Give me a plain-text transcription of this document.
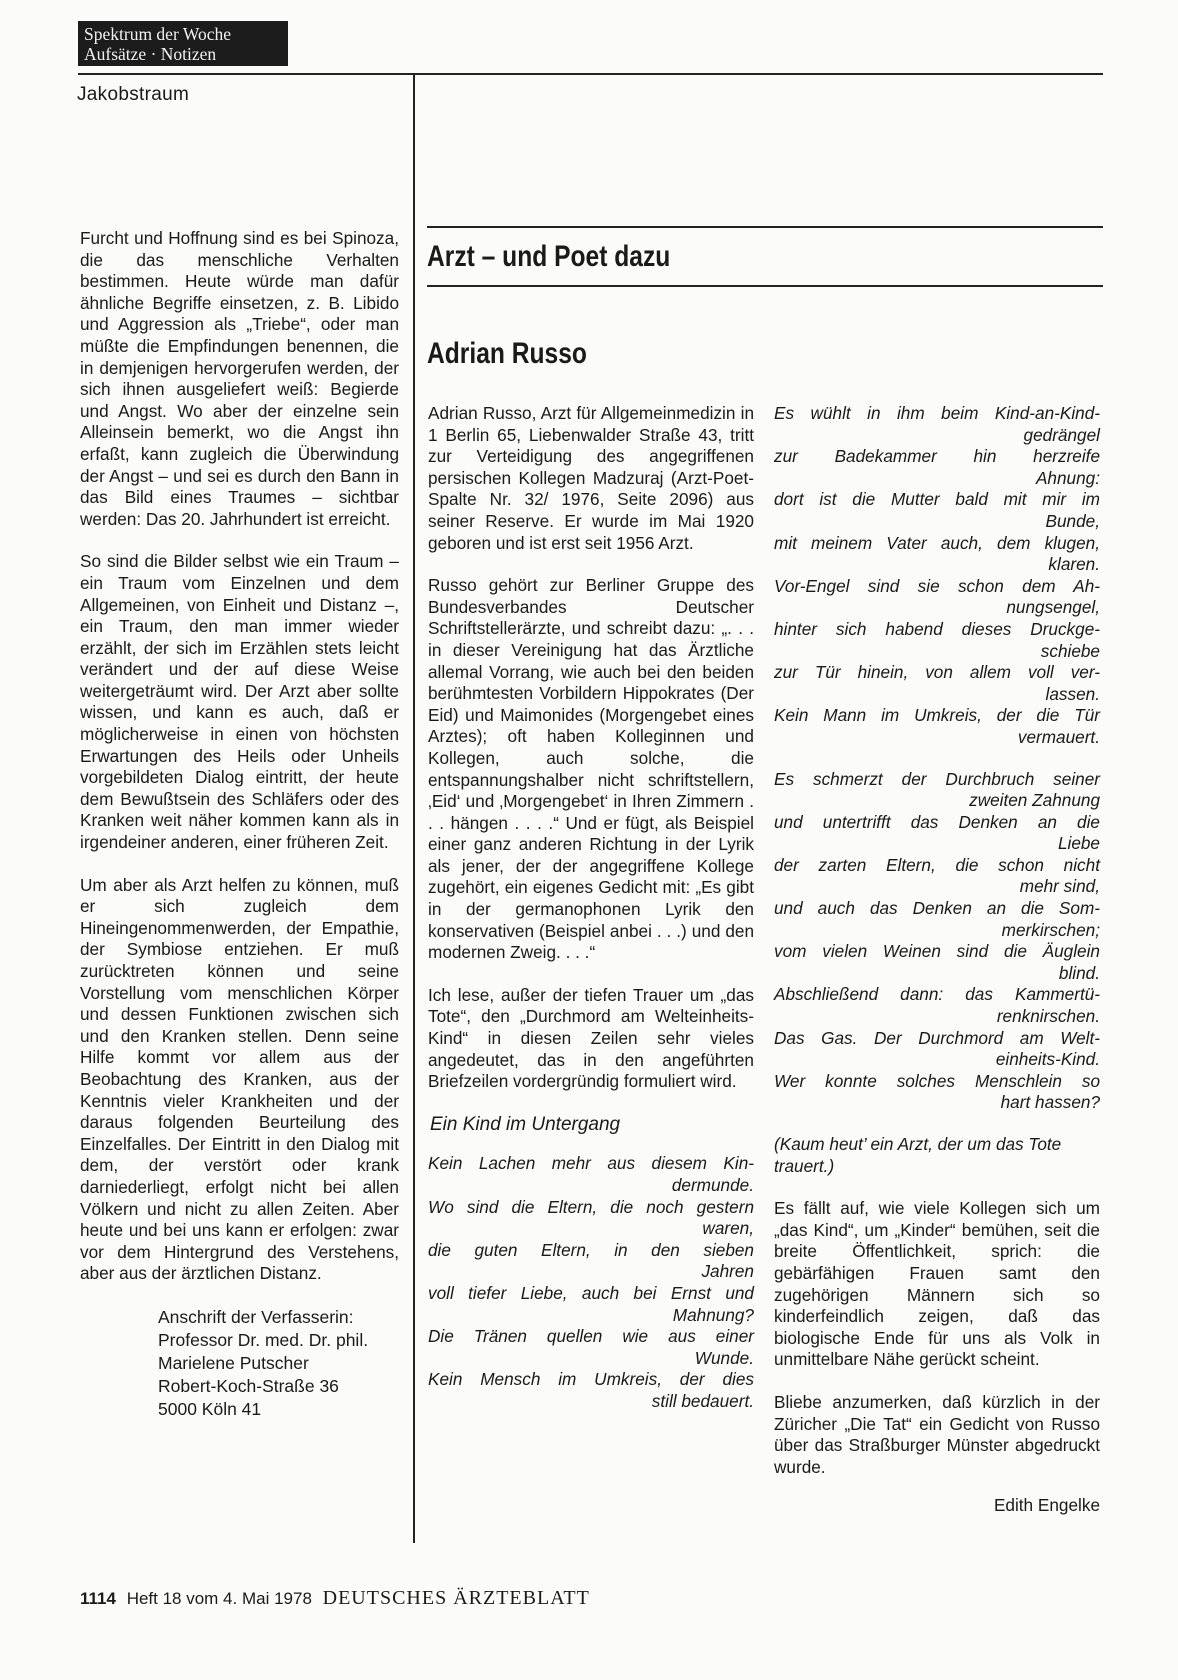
Spektrum der Woche
Aufsätze · Notizen
Jakobstraum
Arzt – und Poet dazu
Adrian Russo

Furcht und Hoffnung sind es bei Spinoza, die das menschliche Verhalten bestimmen. Heute würde man dafür ähnliche Begriffe einsetzen, z. B. Libido und Aggression als „Triebe“, oder man müßte die Empfindungen benennen, die in demjenigen hervorgerufen werden, der sich ihnen ausgeliefert weiß: Begierde und Angst. Wo aber der einzelne sein Alleinsein bemerkt, wo die Angst ihn erfaßt, kann zugleich die Überwindung der Angst – und sei es durch den Bann in das Bild eines Traumes – sichtbar werden: Das 20. Jahrhundert ist erreicht.

So sind die Bilder selbst wie ein Traum – ein Traum vom Einzelnen und dem Allgemeinen, von Einheit und Distanz –, ein Traum, den man immer wieder erzählt, der sich im Erzählen stets leicht verändert und der auf diese Weise weitergeträumt wird. Der Arzt aber sollte wissen, und kann es auch, daß er möglicherweise in einen von höchsten Erwartungen des Heils oder Unheils vorgebildeten Dialog eintritt, der heute dem Bewußtsein des Schläfers oder des Kranken weit näher kommen kann als in irgendeiner anderen, einer früheren Zeit.

Um aber als Arzt helfen zu können, muß er sich zugleich dem Hineingenommenwerden, der Empathie, der Symbiose entziehen. Er muß zurücktreten können und seine Vorstellung vom menschlichen Körper und dessen Funktionen zwischen sich und den Kranken stellen. Denn seine Hilfe kommt vor allem aus der Beobachtung des Kranken, aus der Kenntnis vieler Krankheiten und der daraus folgenden Beurteilung des Einzelfalles. Der Eintritt in den Dialog mit dem, der verstört oder krank darniederliegt, erfolgt nicht bei allen Völkern und nicht zu allen Zeiten. Aber heute und bei uns kann er erfolgen: zwar vor dem Hintergrund des Verstehens, aber aus der ärztlichen Distanz.

Anschrift der Verfasserin:
Professor Dr. med. Dr. phil.
Marielene Putscher
Robert-Koch-Straße 36
5000 Köln 41

Adrian Russo, Arzt für Allgemeinmedizin in 1 Berlin 65, Liebenwalder Straße 43, tritt zur Verteidigung des angegriffenen persischen Kollegen Madzuraj (Arzt-Poet-Spalte Nr. 32/ 1976, Seite 2096) aus seiner Reserve. Er wurde im Mai 1920 geboren und ist erst seit 1956 Arzt.

Russo gehört zur Berliner Gruppe des Bundesverbandes Deutscher Schriftstellerärzte, und schreibt dazu: „. . . in dieser Vereinigung hat das Ärztliche allemal Vorrang, wie auch bei den beiden berühmtesten Vorbildern Hippokrates (Der Eid) und Maimonides (Morgengebet eines Arztes); oft haben Kolleginnen und Kollegen, auch solche, die entspannungshalber nicht schriftstellern, ‚Eid‘ und ‚Morgengebet‘ in Ihren Zimmern . . . hängen . . . .“ Und er fügt, als Beispiel einer ganz anderen Richtung in der Lyrik als jener, der der angegriffene Kollege zugehört, ein eigenes Gedicht mit: „Es gibt in der germanophonen Lyrik den konservativen (Beispiel anbei . . .) und den modernen Zweig. . . .“

Ich lese, außer der tiefen Trauer um „das Tote“, den „Durchmord am Welteinheits-Kind“ in diesen Zeilen sehr vieles angedeutet, das in den angeführten Briefzeilen vordergründig formuliert wird.

Ein Kind im Untergang
Kein Lachen mehr aus diesem Kin-
dermunde.
Wo sind die Eltern, die noch gestern
waren,
die guten Eltern, in den sieben
Jahren
voll tiefer Liebe, auch bei Ernst und
Mahnung?
Die Tränen quellen wie aus einer
Wunde.
Kein Mensch im Umkreis, der dies
still bedauert.
Es wühlt in ihm beim Kind-an-Kind-
gedrängel
zur Badekammer hin herzreife
Ahnung:
dort ist die Mutter bald mit mir im
Bunde,
mit meinem Vater auch, dem klugen,
klaren.
Vor-Engel sind sie schon dem Ah-
nungsengel,
hinter sich habend dieses Druckge-
schiebe
zur Tür hinein, von allem voll ver-
lassen.
Kein Mann im Umkreis, der die Tür
vermauert.
Es schmerzt der Durchbruch seiner
zweiten Zahnung
und untertrifft das Denken an die
Liebe
der zarten Eltern, die schon nicht
mehr sind,
und auch das Denken an die Som-
merkirschen;
vom vielen Weinen sind die Äuglein
blind.
Abschließend dann: das Kammertü-
renknirschen.
Das Gas. Der Durchmord am Welt-
einheits-Kind.
Wer konnte solches Menschlein so
hart hassen?

(Kaum heut’ ein Arzt, der um das Tote trauert.)

Es fällt auf, wie viele Kollegen sich um „das Kind“, um „Kinder“ bemühen, seit die breite Öffentlichkeit, sprich: die gebärfähigen Frauen samt den zugehörigen Männern sich so kinderfeindlich zeigen, daß das biologische Ende für uns als Volk in unmittelbare Nähe gerückt scheint.

Bliebe anzumerken, daß kürzlich in der Züricher „Die Tat“ ein Gedicht von Russo über das Straßburger Münster abgedruckt wurde.

Edith Engelke
1114 Heft 18 vom 4. Mai 1978 DEUTSCHES ÄRZTEBLATT
